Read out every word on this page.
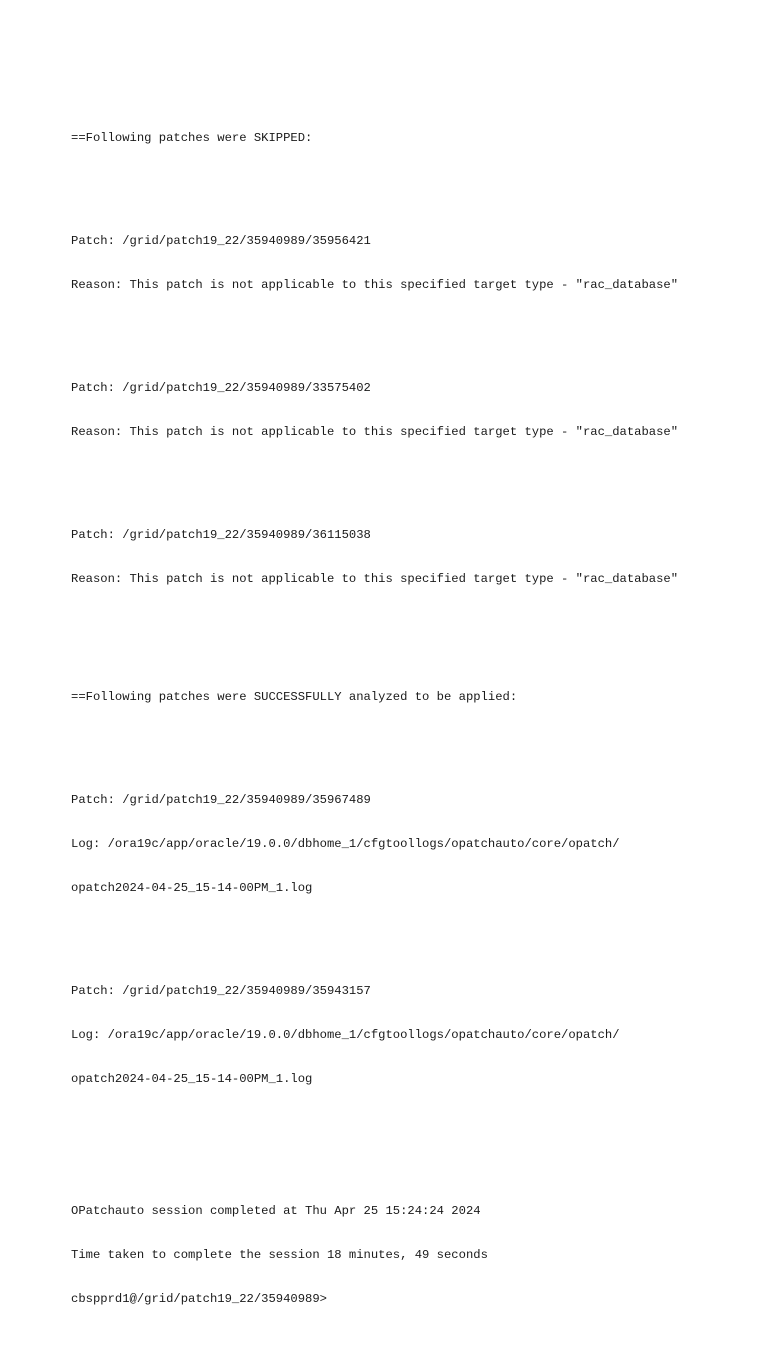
==Following patches were SKIPPED:

Patch: /grid/patch19_22/35940989/35956421

Reason: This patch is not applicable to this specified target type - "rac_database"

Patch: /grid/patch19_22/35940989/33575402

Reason: This patch is not applicable to this specified target type - "rac_database"

Patch: /grid/patch19_22/35940989/36115038

Reason: This patch is not applicable to this specified target type - "rac_database"

==Following patches were SUCCESSFULLY analyzed to be applied:

Patch: /grid/patch19_22/35940989/35967489

Log: /ora19c/app/oracle/19.0.0/dbhome_1/cfgtoollogs/opatchauto/core/opatch/

opatch2024-04-25_15-14-00PM_1.log

Patch: /grid/patch19_22/35940989/35943157

Log: /ora19c/app/oracle/19.0.0/dbhome_1/cfgtoollogs/opatchauto/core/opatch/

opatch2024-04-25_15-14-00PM_1.log

OPatchauto session completed at Thu Apr 25 15:24:24 2024

Time taken to complete the session 18 minutes, 49 seconds

cbspprd1@/grid/patch19_22/35940989>
